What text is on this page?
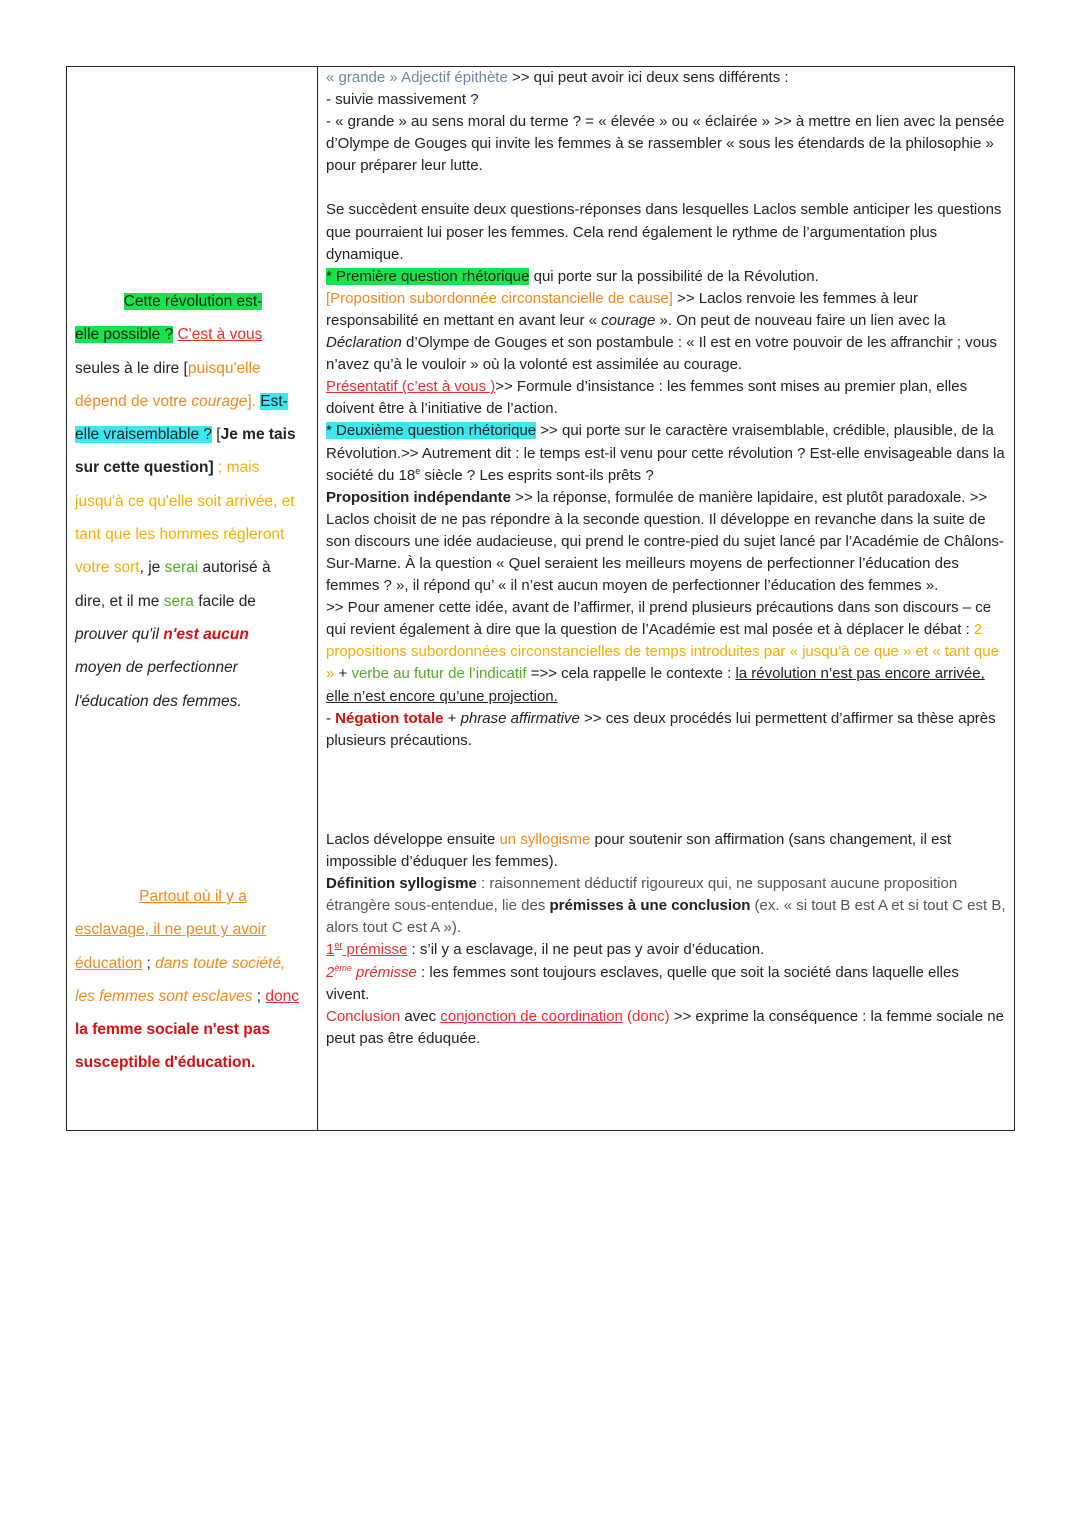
Cette révolution est-
elle possible ? C'est à vous
seules à le dire [puisqu'elle
dépend de votre courage]. Est-
elle vraisemblable ? [Je me tais
sur cette question] ; mais
jusqu'à ce qu'elle soit arrivée, et
tant que les hommes régleront
votre sort, je serai autorisé à
dire, et il me sera facile de
prouver qu'il n'est aucun
moyen de perfectionner
l'éducation des femmes.
Partout où il y a
esclavage, il ne peut y avoir
éducation ; dans toute société,
les femmes sont esclaves ; donc
la femme sociale n'est pas
susceptible d'éducation.

« grande » Adjectif épithète >> qui peut avoir ici deux sens différents :

- suivie massivement ?

- « grande » au sens moral du terme ? = « élevée » ou « éclairée » >> à mettre en lien avec la pensée d’Olympe de Gouges qui invite les femmes à se rassembler « sous les étendards de la philosophie » pour préparer leur lutte.

Se succèdent ensuite deux questions-réponses dans lesquelles Laclos semble anticiper les questions que pourraient lui poser les femmes. Cela rend également le rythme de l’argumentation plus dynamique.

* Première question rhétorique qui porte sur la possibilité de la Révolution.

[Proposition subordonnée circonstancielle de cause] >> Laclos renvoie les femmes à leur responsabilité en mettant en avant leur « courage ». On peut de nouveau faire un lien avec la Déclaration d’Olympe de Gouges et son postambule : « Il est en votre pouvoir de les affranchir ; vous n’avez qu’à le vouloir » où la volonté est assimilée au courage.

Présentatif (c’est à vous )>> Formule d’insistance : les femmes sont mises au premier plan, elles doivent être à l’initiative de l’action.

* Deuxième question rhétorique >> qui porte sur le caractère vraisemblable, crédible, plausible, de la Révolution.>> Autrement dit : le temps est-il venu pour cette révolution ? Est-elle envisageable dans la société du 18e siècle ? Les esprits sont-ils prêts ?

Proposition indépendante >> la réponse, formulée de manière lapidaire, est plutôt paradoxale. >> Laclos choisit de ne pas répondre à la seconde question. Il développe en revanche dans la suite de son discours une idée audacieuse, qui prend le contre-pied du sujet lancé par l’Académie de Châlons-Sur-Marne. À la question « Quel seraient les meilleurs moyens de perfectionner l’éducation des femmes ? », il répond qu’ « il n’est aucun moyen de perfectionner l’éducation des femmes ».

>> Pour amener cette idée, avant de l’affirmer, il prend plusieurs précautions dans son discours – ce qui revient également à dire que la question de l’Académie est mal posée et à déplacer le débat : 2 propositions subordonnées circonstancielles de temps introduites par « jusqu’à ce que » et « tant que » + verbe au futur de l’indicatif =>> cela rappelle le contexte : la révolution n’est pas encore arrivée, elle n’est encore qu’une projection.

- Négation totale + phrase affirmative >> ces deux procédés lui permettent d’affirmer sa thèse après plusieurs précautions.

Laclos développe ensuite un syllogisme pour soutenir son affirmation (sans changement, il est impossible d’éduquer les femmes).

Définition syllogisme : raisonnement déductif rigoureux qui, ne supposant aucune proposition étrangère sous-entendue, lie des prémisses à une conclusion (ex. « si tout B est A et si tout C est B, alors tout C est A »).

1er prémisse : s’il y a esclavage, il ne peut pas y avoir d’éducation.

2ème prémisse : les femmes sont toujours esclaves, quelle que soit la société dans laquelle elles vivent.

Conclusion avec conjonction de coordination (donc) >> exprime la conséquence : la femme sociale ne peut pas être éduquée.
